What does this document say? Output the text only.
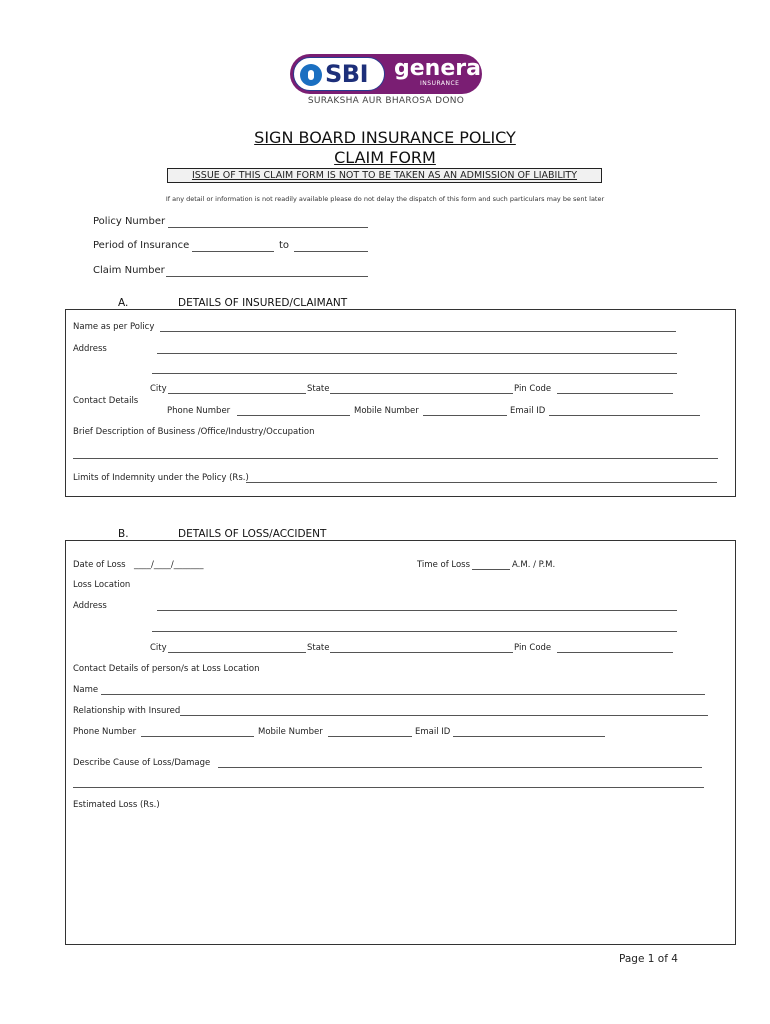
SBI general
INSURANCE
SURAKSHA AUR BHAROSA DONO
SIGN BOARD INSURANCE POLICY
CLAIM FORM
ISSUE OF THIS CLAIM FORM IS NOT TO BE TAKEN AS AN ADMISSION OF LIABILITY
If any detail or information is not readily available please do not delay the dispatch of this form and such particulars may be sent later
Policy Number
Period of Insurance	to
Claim Number
A.	DETAILS OF INSURED/CLAIMANT
Name as per Policy
Address
City	State	Pin Code
Contact Details
Phone Number	Mobile Number	Email ID
Brief Description of Business /Office/Industry/Occupation
Limits of Indemnity under the Policy (Rs.)
B.	DETAILS OF LOSS/ACCIDENT
Date of Loss ____/____/_______	Time of Loss	A.M. / P.M.
Loss Location
Address
City	State	Pin Code
Contact Details of person/s at Loss Location
Name
Relationship with Insured
Phone Number	Mobile Number	Email ID
Describe Cause of Loss/Damage
Estimated Loss (Rs.)
Page 1 of 4
